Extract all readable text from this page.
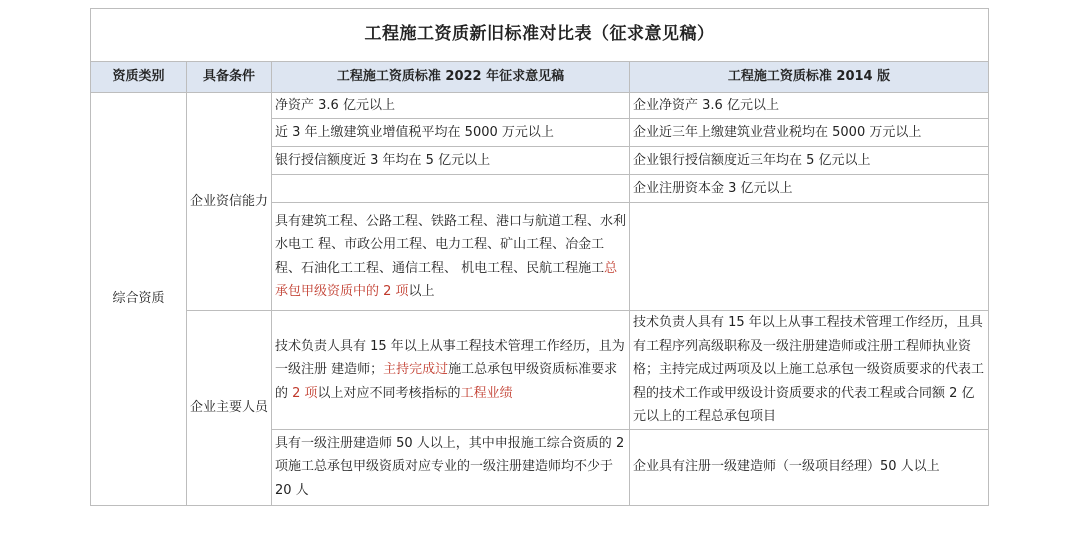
工程施工资质新旧标准对比表（征求意见稿）			
资质类别	具备条件	工程施工资质标准 2022 年征求意见稿	工程施工资质标准 2014 版
综合资质	企业资信能力	净资产 3.6 亿元以上	企业净资产 3.6 亿元以上
		近 3 年上缴建筑业增值税平均在 5000 万元以上	企业近三年上缴建筑业营业税均在 5000 万元以上
		银行授信额度近 3 年均在 5 亿元以上	企业银行授信额度近三年均在 5 亿元以上
			企业注册资本金 3 亿元以上
		具有建筑工程、公路工程、铁路工程、港口与航道工程、水利水电工 程、市政公用工程、电力工程、矿山工程、冶金工程、石油化工工程、通信工程、 机电工程、民航工程施工总承包甲级资质中的 2 项以上	
	企业主要人员	技术负责人具有 15 年以上从事工程技术管理工作经历，且为一级注册 建造师；主持完成过施工总承包甲级资质标准要求的 2 项以上对应不同考核指标的工程业绩	技术负责人具有 15 年以上从事工程技术管理工作经历，且具有工程序列高级职称及一级注册建造师或注册工程师执业资格；主持完成过两项及以上施工总承包一级资质要求的代表工程的技术工作或甲级设计资质要求的代表工程或合同额 2 亿元以上的工程总承包项目
		具有一级注册建造师 50 人以上，其中申报施工综合资质的 2 项施工总承包甲级资质对应专业的一级注册建造师均不少于 20 人	企业具有注册一级建造师（一级项目经理）50 人以上
